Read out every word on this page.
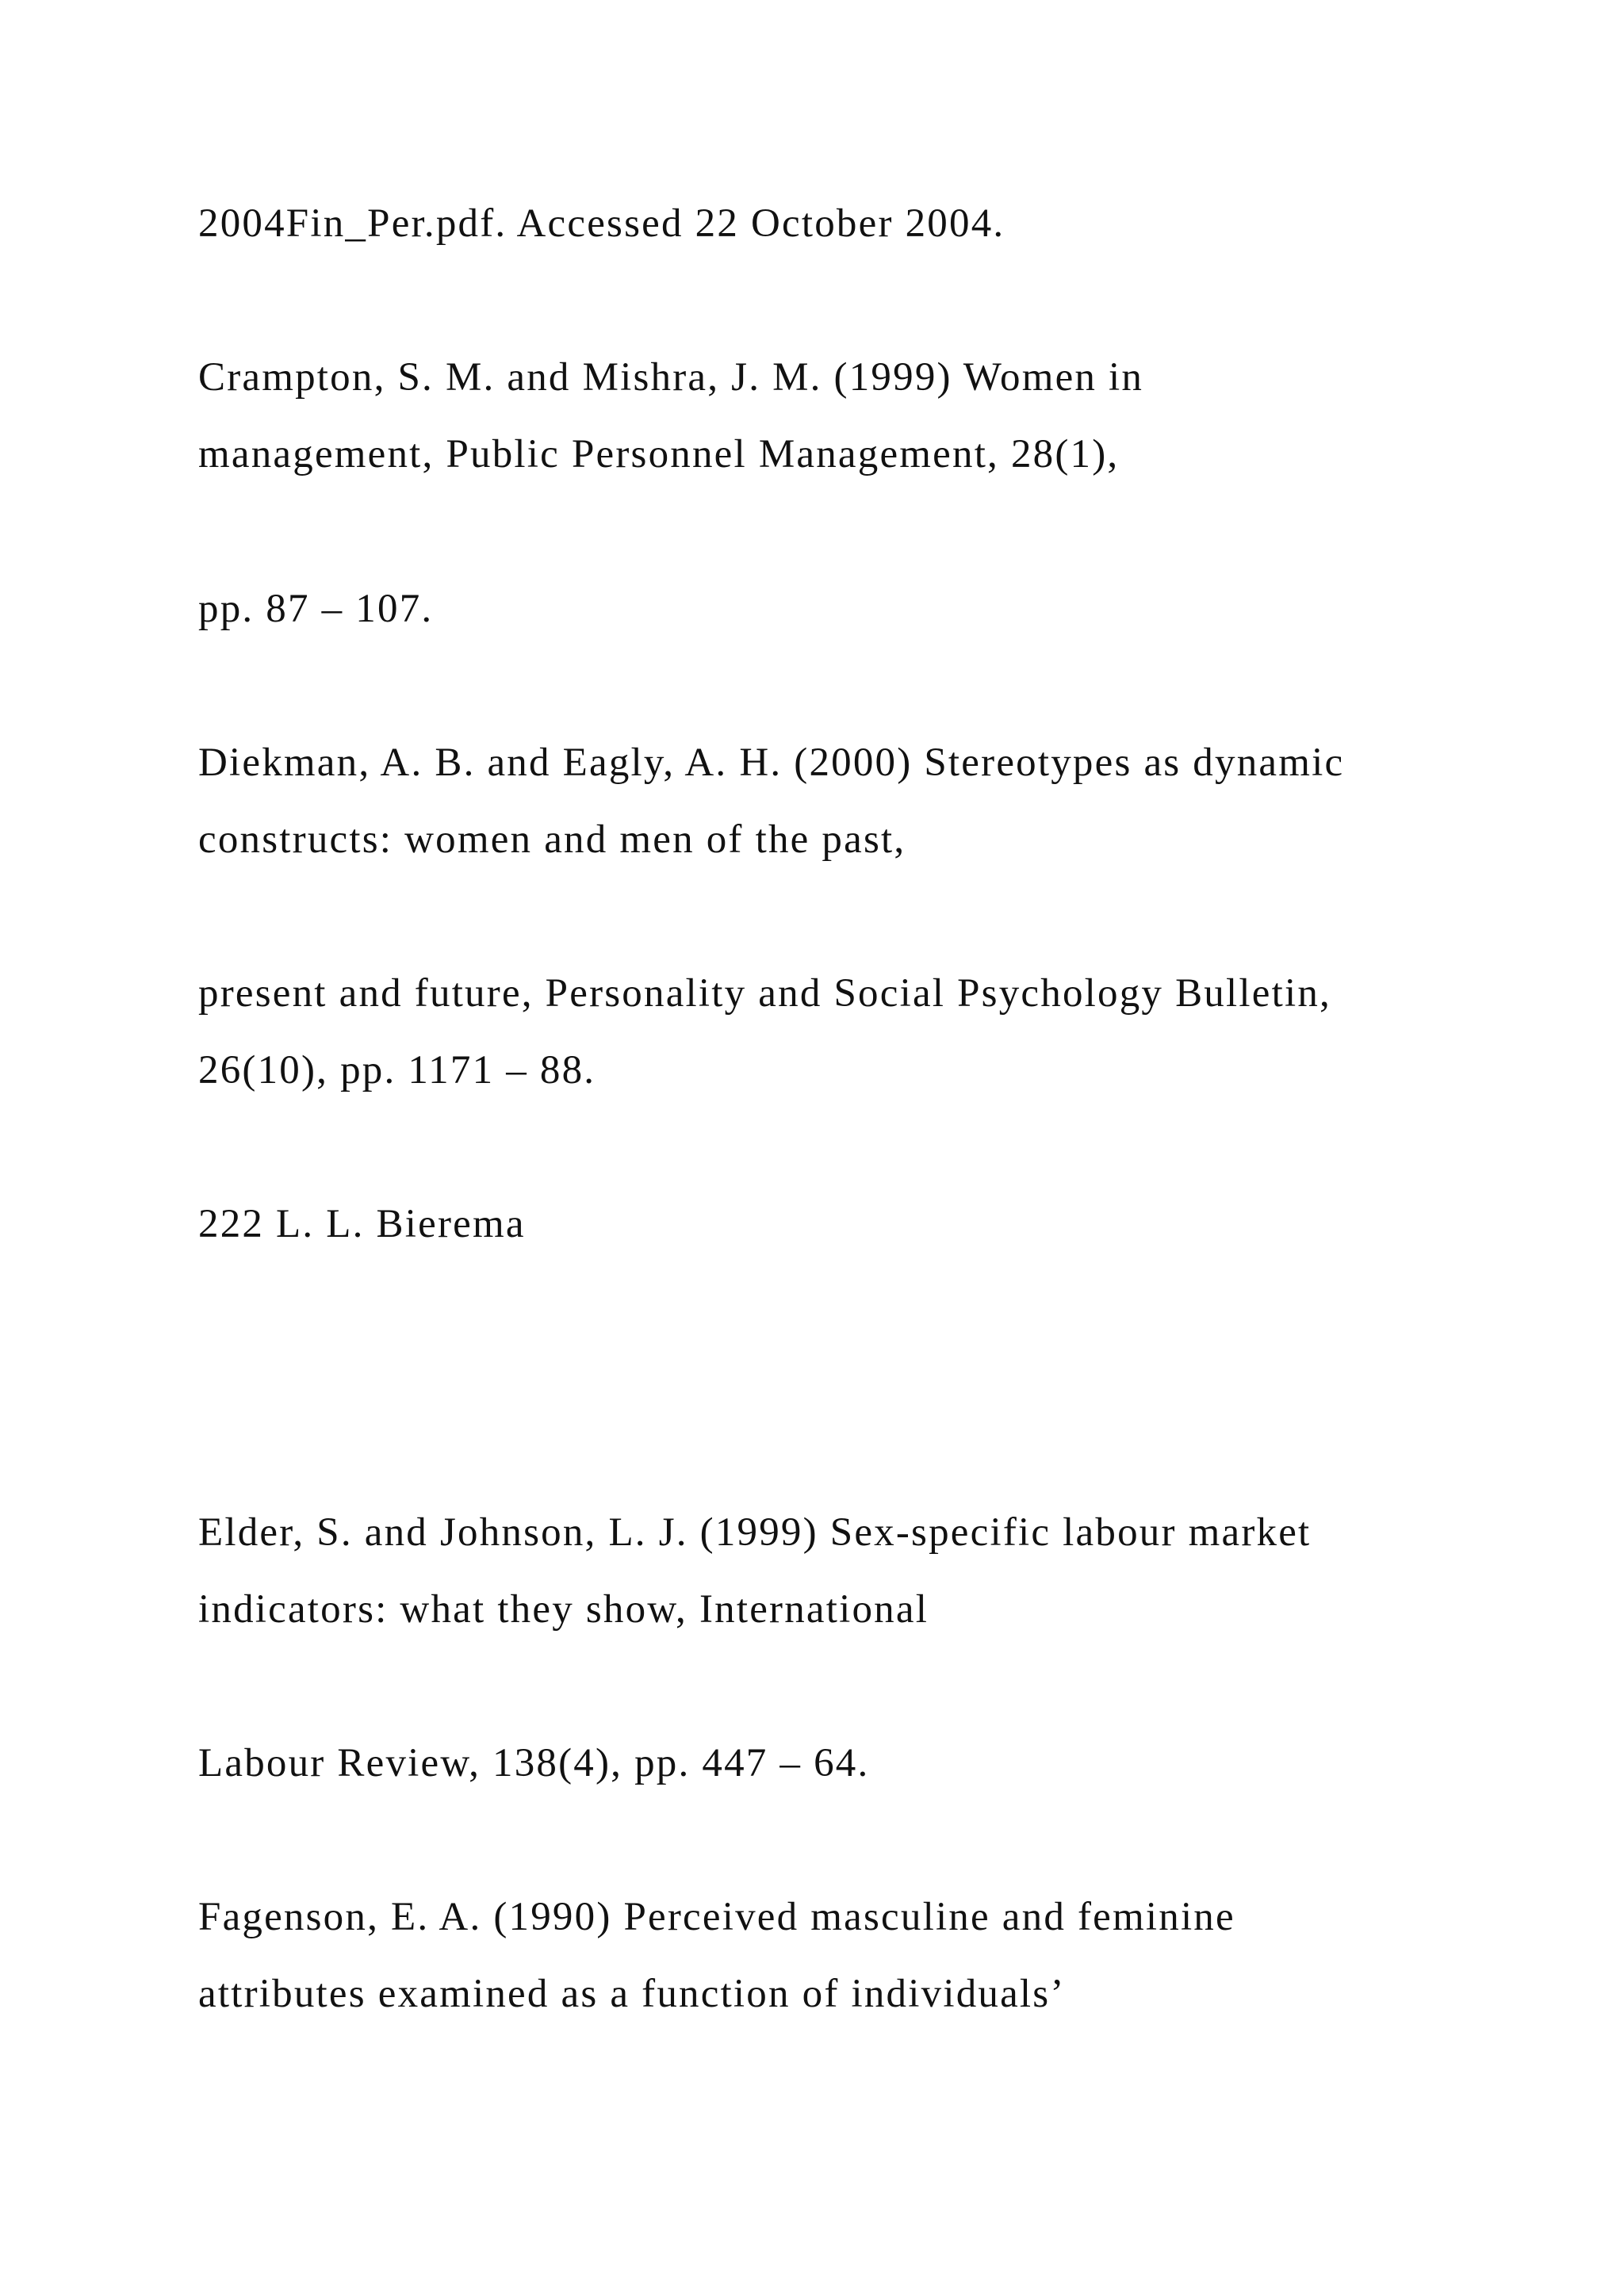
2004Fin_Per.pdf. Accessed 22 October 2004.
Crampton, S. M. and Mishra, J. M. (1999) Women in
management, Public Personnel Management, 28(1),
pp. 87 – 107.
Diekman, A. B. and Eagly, A. H. (2000) Stereotypes as dynamic
constructs: women and men of the past,
present and future, Personality and Social Psychology Bulletin,
26(10), pp. 1171 – 88.
222 L. L. Bierema
Elder, S. and Johnson, L. J. (1999) Sex-specific labour market
indicators: what they show, International
Labour Review, 138(4), pp. 447 – 64.
Fagenson, E. A. (1990) Perceived masculine and feminine
attributes examined as a function of individuals’
